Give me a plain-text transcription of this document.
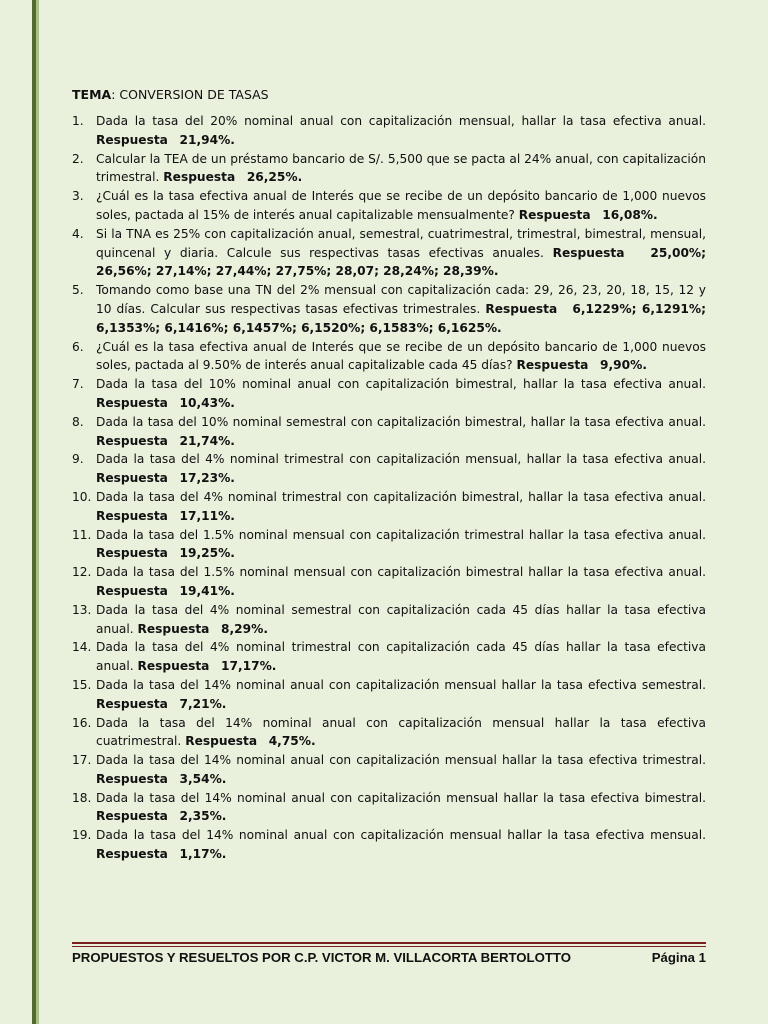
TEMA: CONVERSION DE TASAS

1. Dada la tasa del 20% nominal anual con capitalización mensual, hallar la tasa efectiva anual. Respuesta 21,94%.
2. Calcular la TEA de un préstamo bancario de S/. 5,500 que se pacta al 24% anual, con capitalización trimestral. Respuesta 26,25%.
3. ¿Cuál es la tasa efectiva anual de Interés que se recibe de un depósito bancario de 1,000 nuevos soles, pactada al 15% de interés anual capitalizable mensualmente? Respuesta 16,08%.
4. Si la TNA es 25% con capitalización anual, semestral, cuatrimestral, trimestral, bimestral, mensual, quincenal y diaria. Calcule sus respectivas tasas efectivas anuales. Respuesta 25,00%; 26,56%; 27,14%; 27,44%; 27,75%; 28,07; 28,24%; 28,39%.
5. Tomando como base una TN del 2% mensual con capitalización cada: 29, 26, 23, 20, 18, 15, 12 y 10 días. Calcular sus respectivas tasas efectivas trimestrales. Respuesta 6,1229%; 6,1291%; 6,1353%; 6,1416%; 6,1457%; 6,1520%; 6,1583%; 6,1625%.
6. ¿Cuál es la tasa efectiva anual de Interés que se recibe de un depósito bancario de 1,000 nuevos soles, pactada al 9.50% de interés anual capitalizable cada 45 días? Respuesta 9,90%.
7. Dada la tasa del 10% nominal anual con capitalización bimestral, hallar la tasa efectiva anual. Respuesta 10,43%.
8. Dada la tasa del 10% nominal semestral con capitalización bimestral, hallar la tasa efectiva anual. Respuesta 21,74%.
9. Dada la tasa del 4% nominal trimestral con capitalización mensual, hallar la tasa efectiva anual. Respuesta 17,23%.
10. Dada la tasa del 4% nominal trimestral con capitalización bimestral, hallar la tasa efectiva anual. Respuesta 17,11%.
11. Dada la tasa del 1.5% nominal mensual con capitalización trimestral hallar la tasa efectiva anual. Respuesta 19,25%.
12. Dada la tasa del 1.5% nominal mensual con capitalización bimestral hallar la tasa efectiva anual. Respuesta 19,41%.
13. Dada la tasa del 4% nominal semestral con capitalización cada 45 días hallar la tasa efectiva anual. Respuesta 8,29%.
14. Dada la tasa del 4% nominal trimestral con capitalización cada 45 días hallar la tasa efectiva anual. Respuesta 17,17%.
15. Dada la tasa del 14% nominal anual con capitalización mensual hallar la tasa efectiva semestral. Respuesta 7,21%.
16. Dada la tasa del 14% nominal anual con capitalización mensual hallar la tasa efectiva cuatrimestral. Respuesta 4,75%.
17. Dada la tasa del 14% nominal anual con capitalización mensual hallar la tasa efectiva trimestral. Respuesta 3,54%.
18. Dada la tasa del 14% nominal anual con capitalización mensual hallar la tasa efectiva bimestral. Respuesta 2,35%.
19. Dada la tasa del 14% nominal anual con capitalización mensual hallar la tasa efectiva mensual. Respuesta 1,17%.
PROPUESTOS Y RESUELTOS POR C.P. VICTOR M. VILLACORTA BERTOLOTTO	Página 1
